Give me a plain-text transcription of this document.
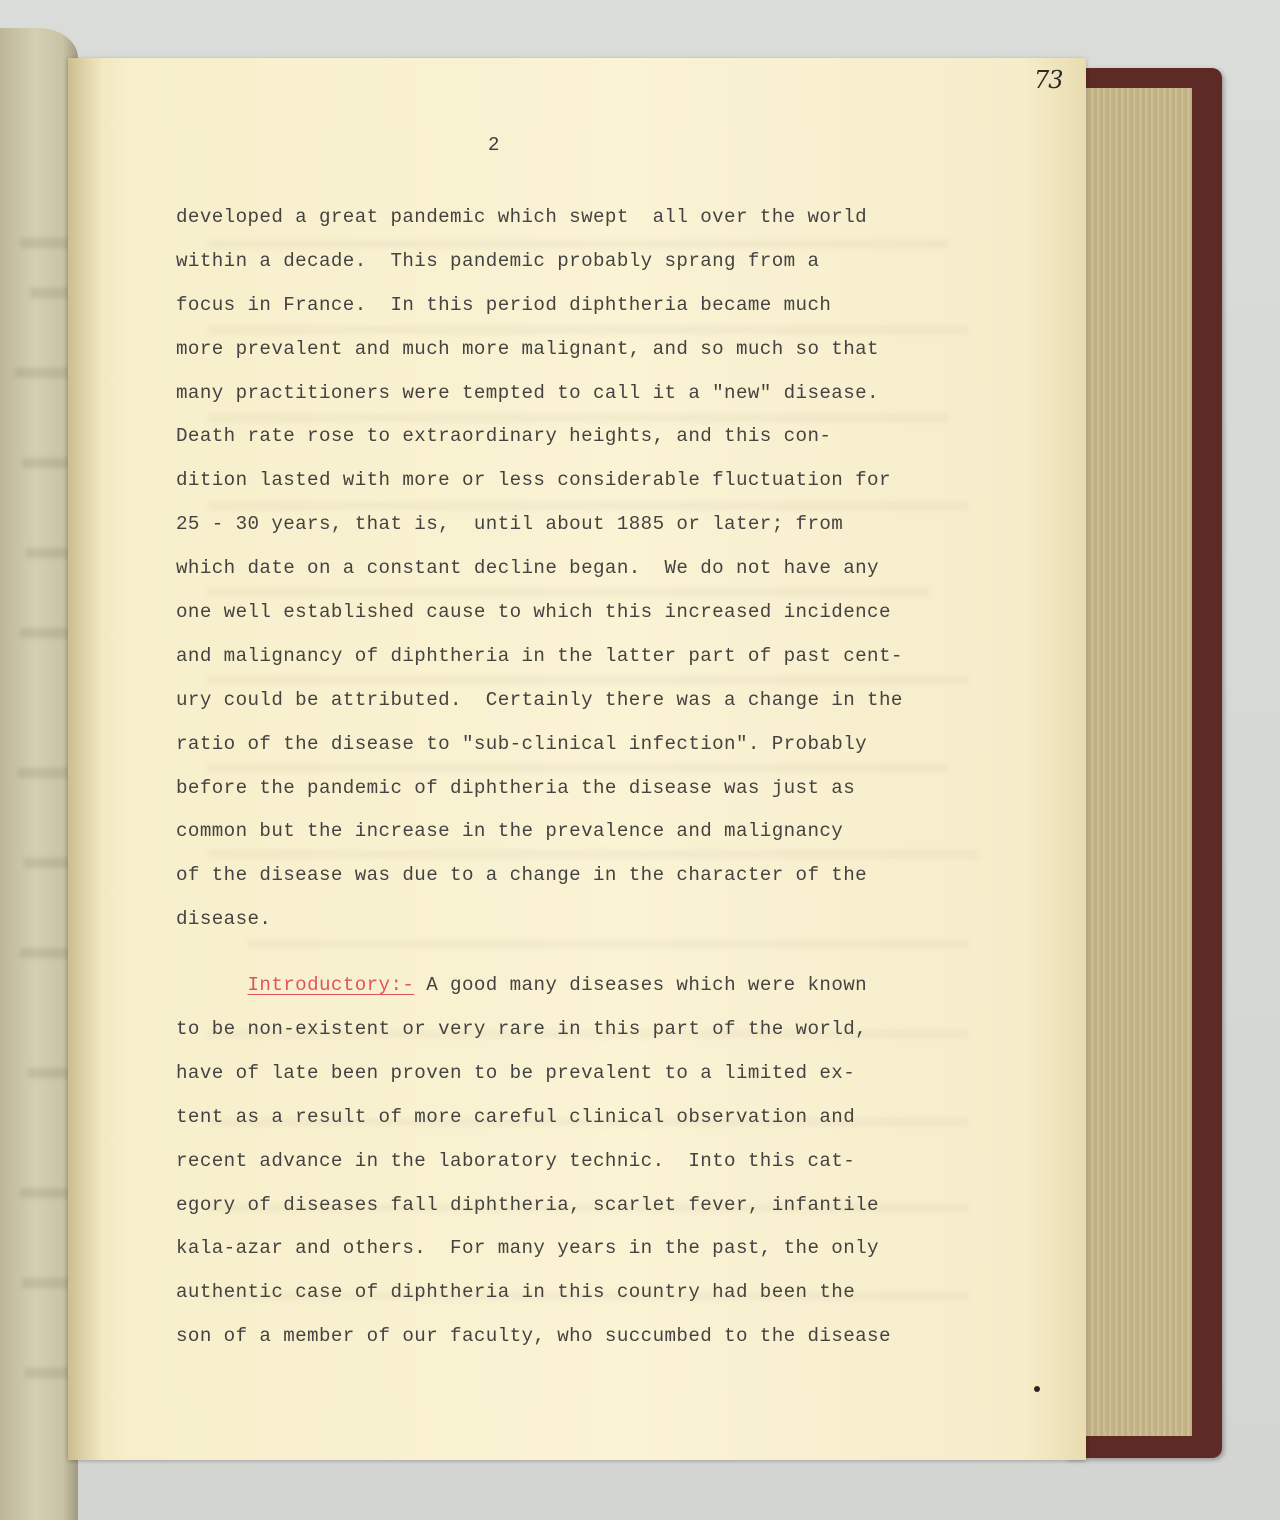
73
2
developed a great pandemic which swept  all over the world
within a decade.  This pandemic probably sprang from a
focus in France.  In this period diphtheria became much
more prevalent and much more malignant, and so much so that
many practitioners were tempted to call it a "new" disease.
Death rate rose to extraordinary heights, and this con-
dition lasted with more or less considerable fluctuation for
25 - 30 years, that is,  until about 1885 or later; from
which date on a constant decline began.  We do not have any
one well established cause to which this increased incidence
and malignancy of diphtheria in the latter part of past cent-
ury could be attributed.  Certainly there was a change in the
ratio of the disease to "sub-clinical infection". Probably
before the pandemic of diphtheria the disease was just as
common but the increase in the prevalence and malignancy
of the disease was due to a change in the character of the
disease.
Introductory:- A good many diseases which were known
to be non-existent or very rare in this part of the world,
have of late been proven to be prevalent to a limited ex-
tent as a result of more careful clinical observation and
recent advance in the laboratory technic.  Into this cat-
egory of diseases fall diphtheria, scarlet fever, infantile
kala-azar and others.  For many years in the past, the only
authentic case of diphtheria in this country had been the
son of a member of our faculty, who succumbed to the disease
